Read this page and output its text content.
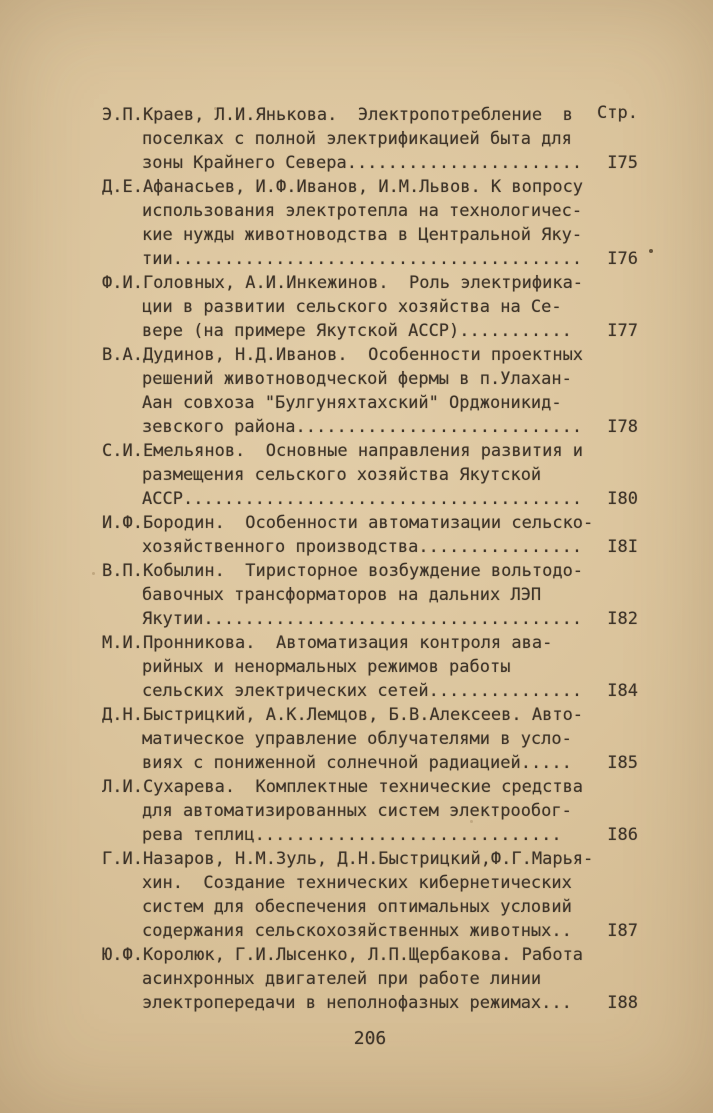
Стр.

Э.П.Краев, Л.И.Янькова.  Электропотребление  в
поселках с полной электрификацией быта для
зоны Крайнего Севера .......................	I75
Д.Е.Афанасьев, И.Ф.Иванов, И.М.Львов. К вопросу
использования электротепла на технологичес-
кие нужды животноводства в Центральной Яку-
тии ........................................	I76
Ф.И.Головных, А.И.Инкежинов.  Роль электрифика-
ции в развитии сельского хозяйства на Се-
вере (на примере Якутской АССР) ...........	I77
В.А.Дудинов, Н.Д.Иванов.  Особенности проектных
решений животноводческой фермы в п.Улахан-
Аан совхоза "Булгуняхтахский" Орджоникид-
зевского района ............................	I78
С.И.Емельянов.  Основные направления развития и
размещения сельского хозяйства Якутской
АССР .......................................	I80
И.Ф.Бородин.  Особенности автоматизации сельско-
хозяйственного производства ................	I8I
В.П.Кобылин.  Тиристорное возбуждение вольтодо-
бавочных трансформаторов на дальних ЛЭП
Якутии .....................................	I82
М.И.Пронникова.  Автоматизация контроля ава-
рийных и ненормальных режимов работы
сельских электрических сетей ...............	I84
Д.Н.Быстрицкий, А.К.Лемцов, Б.В.Алексеев. Авто-
матическое управление облучателями в усло-
виях с пониженной солнечной радиацией .....	I85
Л.И.Сухарева.  Комплектные технические средства
для автоматизированных систем электрообог-
рева теплиц ..............................	I86
Г.И.Назаров, Н.М.Зуль, Д.Н.Быстрицкий,Ф.Г.Марья-
хин.  Создание технических кибернетических
систем для обеспечения оптимальных условий
содержания сельскохозяйственных животных ..	I87
Ю.Ф.Королюк, Г.И.Лысенко, Л.П.Щербакова. Работа
асинхронных двигателей при работе линии
электропередачи в неполнофазных режимах ...	I88
206
